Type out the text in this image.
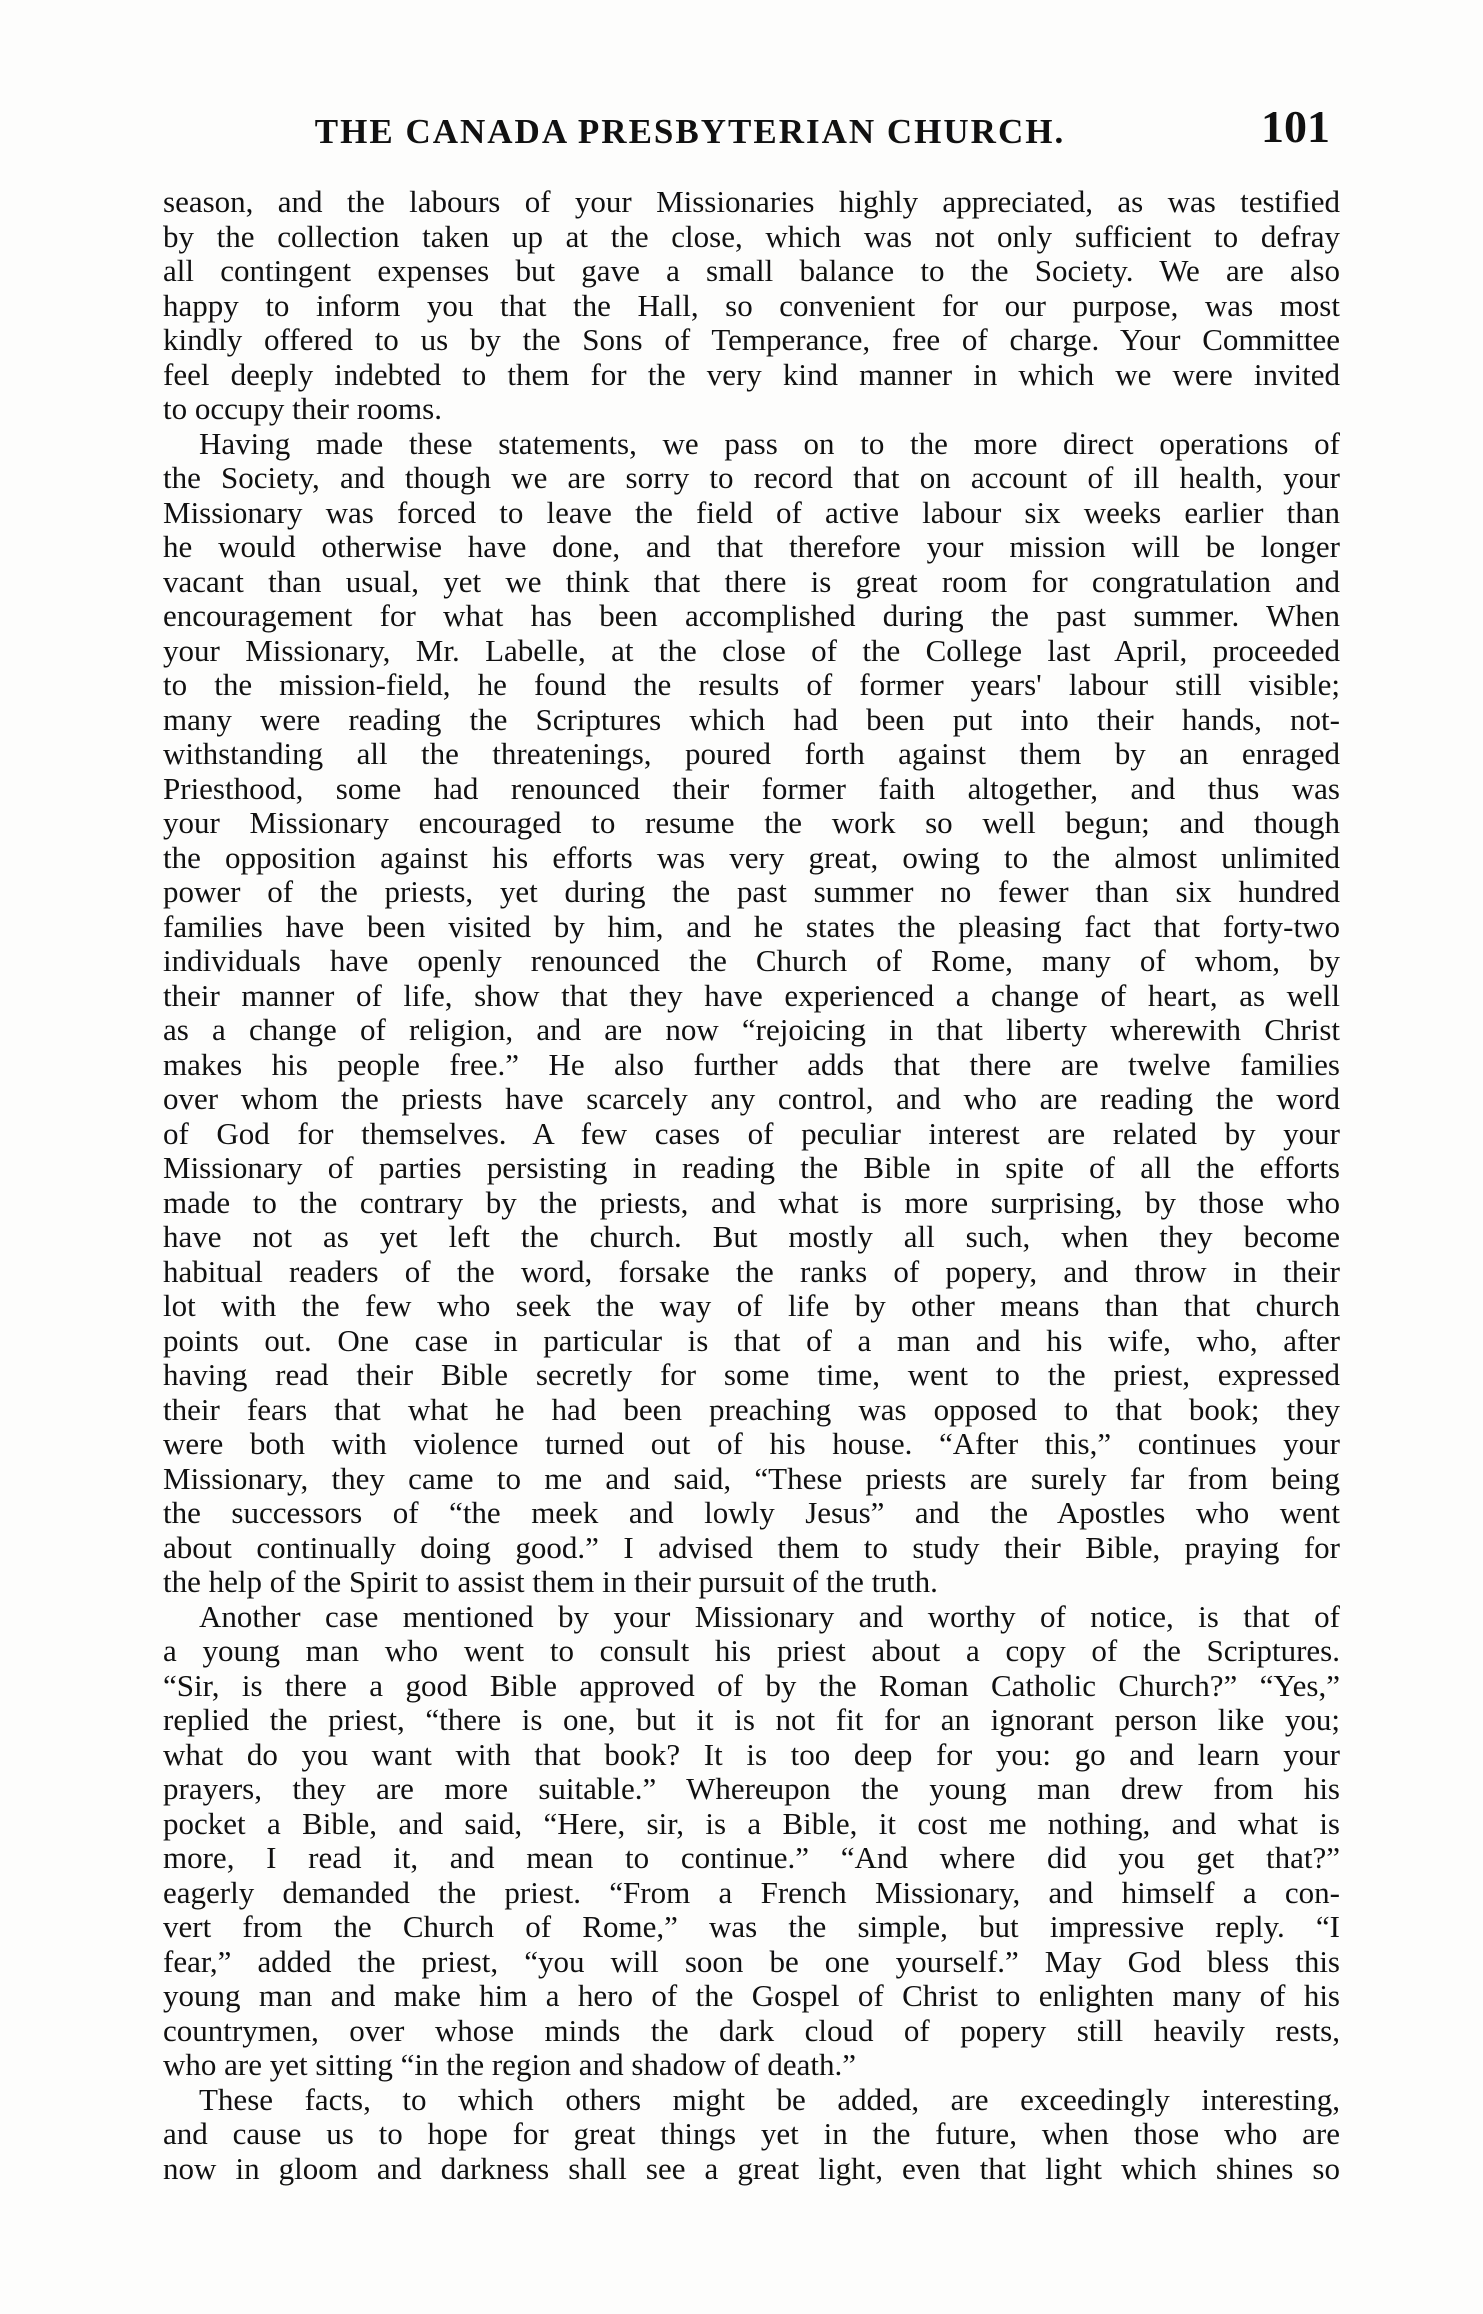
THE CANADA PRESBYTERIAN CHURCH.	101
season, and the labours of your Missionaries highly appreciated, as was testified
by the collection taken up at the close, which was not only sufficient to defray
all contingent expenses but gave a small balance to the Society. We are also
happy to inform you that the Hall, so convenient for our purpose, was most
kindly offered to us by the Sons of Temperance, free of charge. Your Committee
feel deeply indebted to them for the very kind manner in which we were invited
to occupy their rooms.
Having made these statements, we pass on to the more direct operations of
the Society, and though we are sorry to record that on account of ill health, your
Missionary was forced to leave the field of active labour six weeks earlier than
he would otherwise have done, and that therefore your mission will be longer
vacant than usual, yet we think that there is great room for congratulation and
encouragement for what has been accomplished during the past summer. When
your Missionary, Mr. Labelle, at the close of the College last April, proceeded
to the mission-field, he found the results of former years' labour still visible;
many were reading the Scriptures which had been put into their hands, not-
withstanding all the threatenings, poured forth against them by an enraged
Priesthood, some had renounced their former faith altogether, and thus was
your Missionary encouraged to resume the work so well begun; and though
the opposition against his efforts was very great, owing to the almost unlimited
power of the priests, yet during the past summer no fewer than six hundred
families have been visited by him, and he states the pleasing fact that forty-two
individuals have openly renounced the Church of Rome, many of whom, by
their manner of life, show that they have experienced a change of heart, as well
as a change of religion, and are now “rejoicing in that liberty wherewith Christ
makes his people free.” He also further adds that there are twelve families
over whom the priests have scarcely any control, and who are reading the word
of God for themselves. A few cases of peculiar interest are related by your
Missionary of parties persisting in reading the Bible in spite of all the efforts
made to the contrary by the priests, and what is more surprising, by those who
have not as yet left the church. But mostly all such, when they become
habitual readers of the word, forsake the ranks of popery, and throw in their
lot with the few who seek the way of life by other means than that church
points out. One case in particular is that of a man and his wife, who, after
having read their Bible secretly for some time, went to the priest, expressed
their fears that what he had been preaching was opposed to that book; they
were both with violence turned out of his house. “After this,” continues your
Missionary, they came to me and said, “These priests are surely far from being
the successors of “the meek and lowly Jesus” and the Apostles who went
about continually doing good.” I advised them to study their Bible, praying for
the help of the Spirit to assist them in their pursuit of the truth.
Another case mentioned by your Missionary and worthy of notice, is that of
a young man who went to consult his priest about a copy of the Scriptures.
“Sir, is there a good Bible approved of by the Roman Catholic Church?” “Yes,”
replied the priest, “there is one, but it is not fit for an ignorant person like you;
what do you want with that book? It is too deep for you: go and learn your
prayers, they are more suitable.” Whereupon the young man drew from his
pocket a Bible, and said, “Here, sir, is a Bible, it cost me nothing, and what is
more, I read it, and mean to continue.” “And where did you get that?”
eagerly demanded the priest. “From a French Missionary, and himself a con-
vert from the Church of Rome,” was the simple, but impressive reply. “I
fear,” added the priest, “you will soon be one yourself.” May God bless this
young man and make him a hero of the Gospel of Christ to enlighten many of his
countrymen, over whose minds the dark cloud of popery still heavily rests,
who are yet sitting “in the region and shadow of death.”
These facts, to which others might be added, are exceedingly interesting,
and cause us to hope for great things yet in the future, when those who are
now in gloom and darkness shall see a great light, even that light which shines so
